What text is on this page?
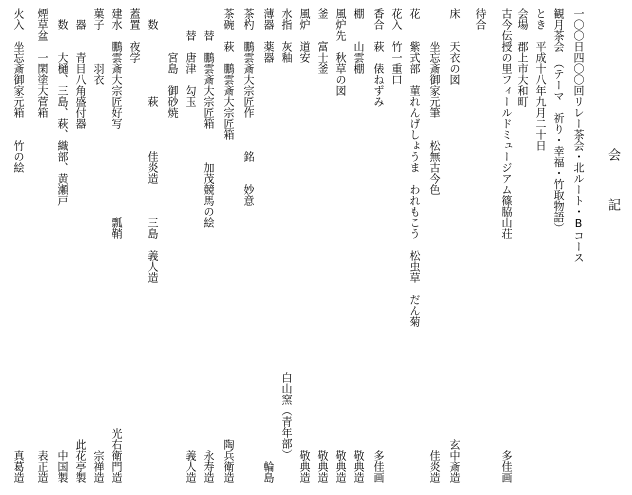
会　記
一〇〇日四〇〇回リレー茶会・北ルート・Bコース
観月茶会　（テーマ　祈り・幸福・竹取物語）
とき　平成十八年九月二十日
会場　郡上市大和町
古今伝授の里フィールドミュージアム篠脇山荘
多佳画
待合
床　　天衣の図
玄中斎造
　　　坐忘斎御家元筆　　松無古今色
佳炎造
花　　紫式部　菫れんげしょうま　われもこう　松虫草　だん菊
花入　竹一重口
香合　萩　俵ねずみ
多佳画
棚　　山雲棚
敬典造
風炉先　秋草の図
敬典造
釜　　富士釜
敬典造
風炉　道安
敬典造
水指　灰釉
白山窯（青年部）
薄器　薬器
輪島
茶杓　鵬雲斎大宗匠作　　　銘　　妙意
茶碗　萩　鵬雲斎大宗匠箱
陶兵衛造
　　替　鵬雲斎大宗匠箱　　　加茂競馬の絵
永寿造
　　替　唐津　勾玉
義人造
　　　　宮島　御砂焼
　数　　　　　　萩　　　　佳炎造　　　三島　義人造
蓋置　夜学
建水　鵬雲斎大宗匠好写　　　　　　　　瓢鞘
光右衛門造
菓子　　　羽衣
宗禅造
　器　　青目八角盛付器
此花亭製
　数　　大樋、三島、萩、織部、黄瀬戸
中国製
煙草盆　一閑塗大菅箱
表正造
火入　坐忘斎御家元箱　　竹の絵
真葛造
